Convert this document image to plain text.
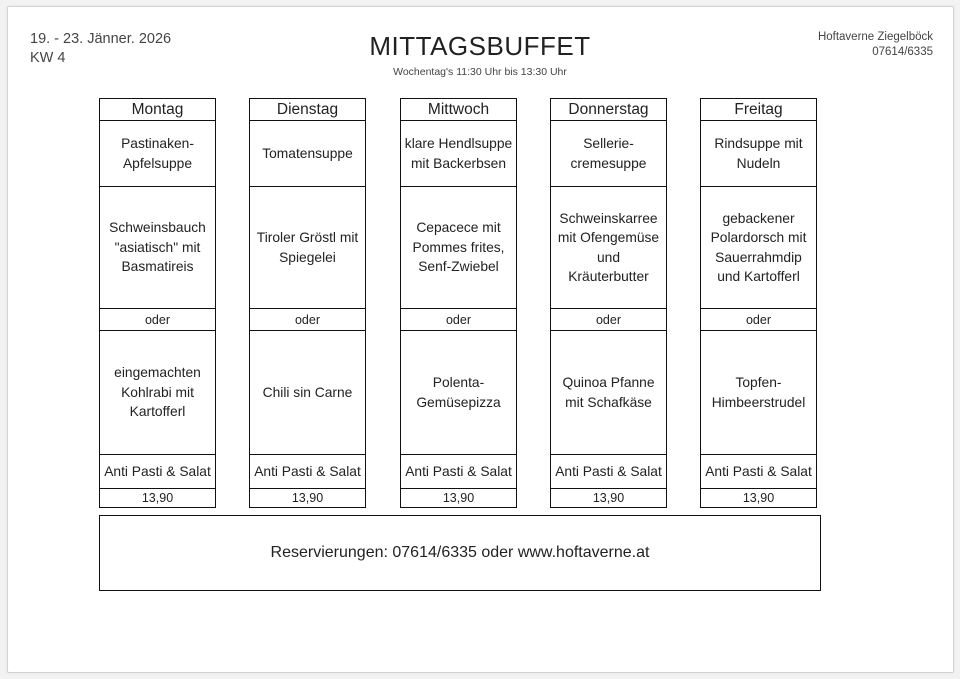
19. - 23. Jänner. 2026
KW 4	MITTAGSBUFFET
Wochentag's 11:30 Uhr bis 13:30 Uhr
Hoftaverne Ziegelböck
07614/6335
Montag
Pastinaken-
Apfelsuppe
Schweinsbauch
"asiatisch" mit
Basmatireis
oder
eingemachten
Kohlrabi mit
Kartofferl
Anti Pasti & Salat
13,90
Dienstag
Tomatensuppe
Tiroler Gröstl mit
Spiegelei
oder
Chili sin Carne
Anti Pasti & Salat
13,90
Mittwoch
klare Hendlsuppe
mit Backerbsen
Cepacece mit
Pommes frites,
Senf-Zwiebel
oder
Polenta-
Gemüsepizza
Anti Pasti & Salat
13,90
Donnerstag
Sellerie-
cremesuppe
Schweinskarree
mit Ofengemüse
und
Kräuterbutter
oder
Quinoa Pfanne
mit Schafkäse
Anti Pasti & Salat
13,90
Freitag
Rindsuppe mit
Nudeln
gebackener
Polardorsch mit
Sauerrahmdip
und Kartofferl
oder
Topfen-
Himbeerstrudel
Anti Pasti & Salat
13,90
Reservierungen: 07614/6335 oder www.hoftaverne.at
